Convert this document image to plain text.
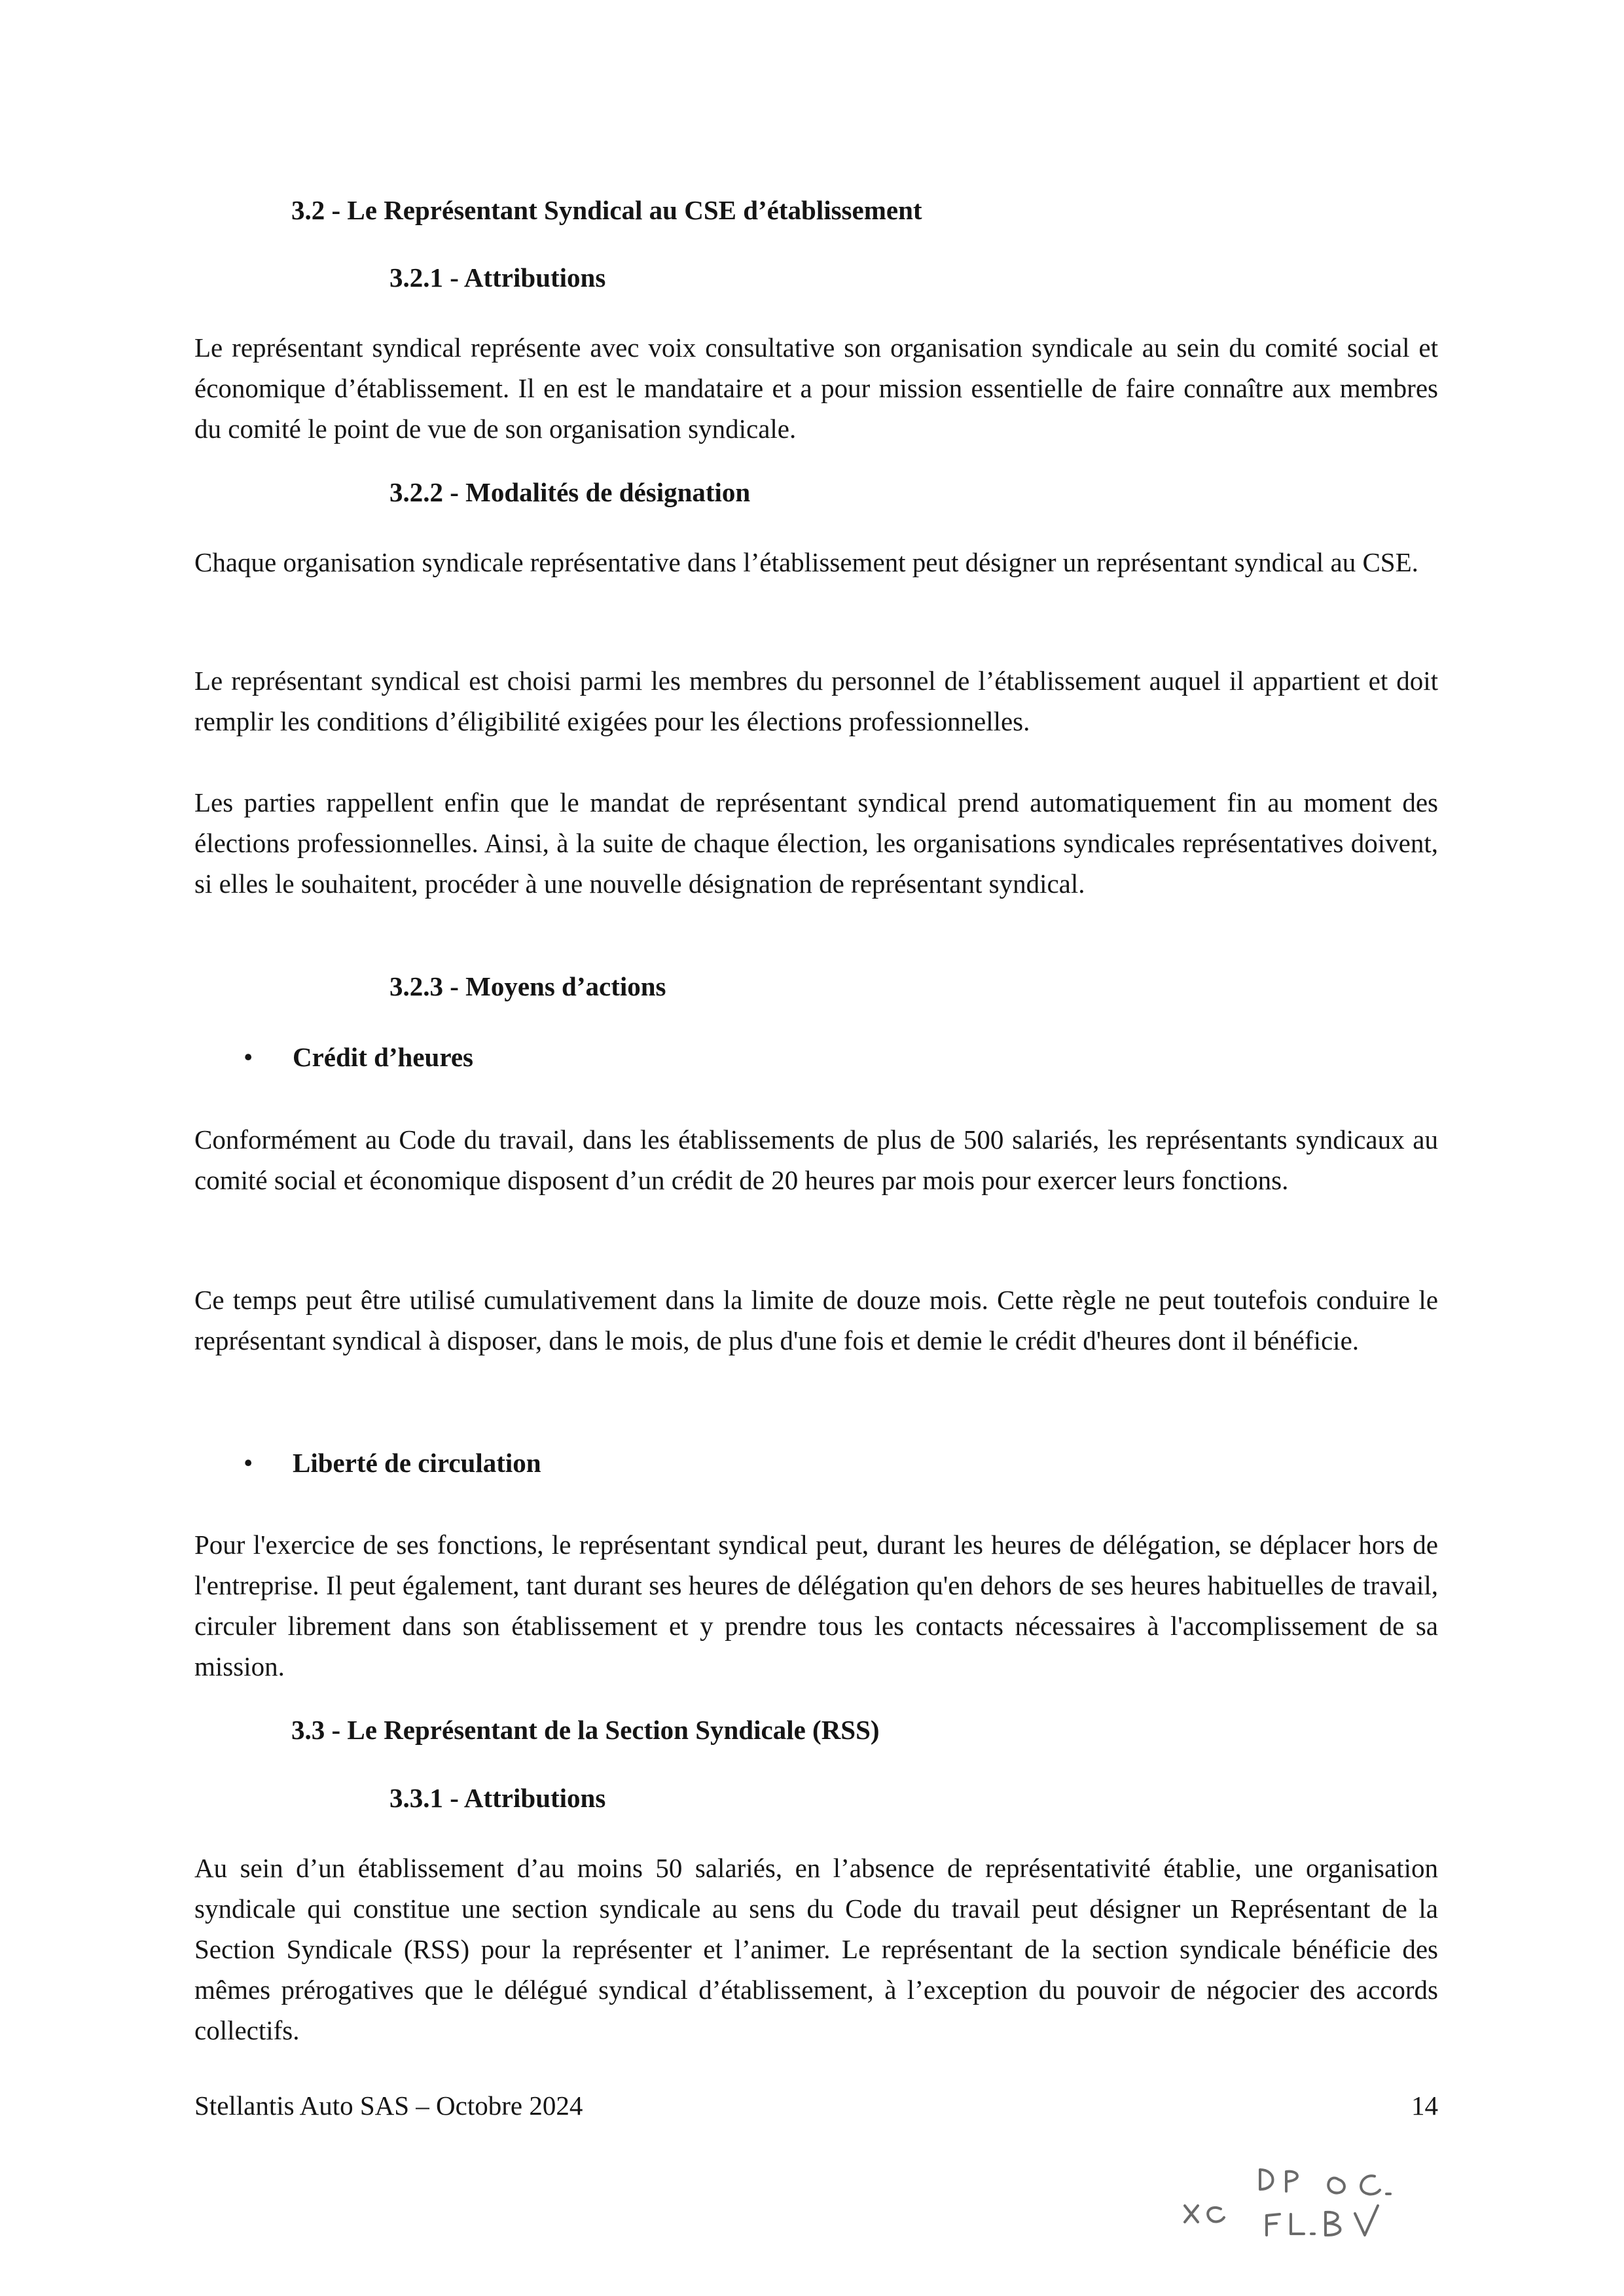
3.2 - Le Représentant Syndical au CSE d’établissement
3.2.1 - Attributions

Le représentant syndical représente avec voix consultative son organisation syndicale au sein du comité social et économique d’établissement. Il en est le mandataire et a pour mission essentielle de faire connaître aux membres du comité le point de vue de son organisation syndicale.

3.2.2 - Modalités de désignation

Chaque organisation syndicale représentative dans l’établissement peut désigner un représentant syndical au CSE.

Le représentant syndical est choisi parmi les membres du personnel de l’établissement auquel il appartient et doit remplir les conditions d’éligibilité exigées pour les élections professionnelles.

Les parties rappellent enfin que le mandat de représentant syndical prend automatiquement fin au moment des élections professionnelles. Ainsi, à la suite de chaque élection, les organisations syndicales représentatives doivent, si elles le souhaitent, procéder à une nouvelle désignation de représentant syndical.

3.2.3 - Moyens d’actions
•	Crédit d’heures

Conformément au Code du travail, dans les établissements de plus de 500 salariés, les représentants syndicaux au comité social et économique disposent d’un crédit de 20 heures par mois pour exercer leurs fonctions.

Ce temps peut être utilisé cumulativement dans la limite de douze mois. Cette règle ne peut toutefois conduire le représentant syndical à disposer, dans le mois, de plus d'une fois et demie le crédit d'heures dont il bénéficie.

•	Liberté de circulation

Pour l'exercice de ses fonctions, le représentant syndical peut, durant les heures de délégation, se déplacer hors de l'entreprise. Il peut également, tant durant ses heures de délégation qu'en dehors de ses heures habituelles de travail, circuler librement dans son établissement et y prendre tous les contacts nécessaires à l'accomplissement de sa mission.

3.3 - Le Représentant de la Section Syndicale (RSS)
3.3.1 - Attributions

Au sein d’un établissement d’au moins 50 salariés, en l’absence de représentativité établie, une organisation syndicale qui constitue une section syndicale au sens du Code du travail peut désigner un Représentant de la Section Syndicale (RSS) pour la représenter et l’animer. Le représentant de la section syndicale bénéficie des mêmes prérogatives que le délégué syndical d’établissement, à l’exception du pouvoir de négocier des accords collectifs.

Stellantis Auto SAS – Octobre 2024	14
